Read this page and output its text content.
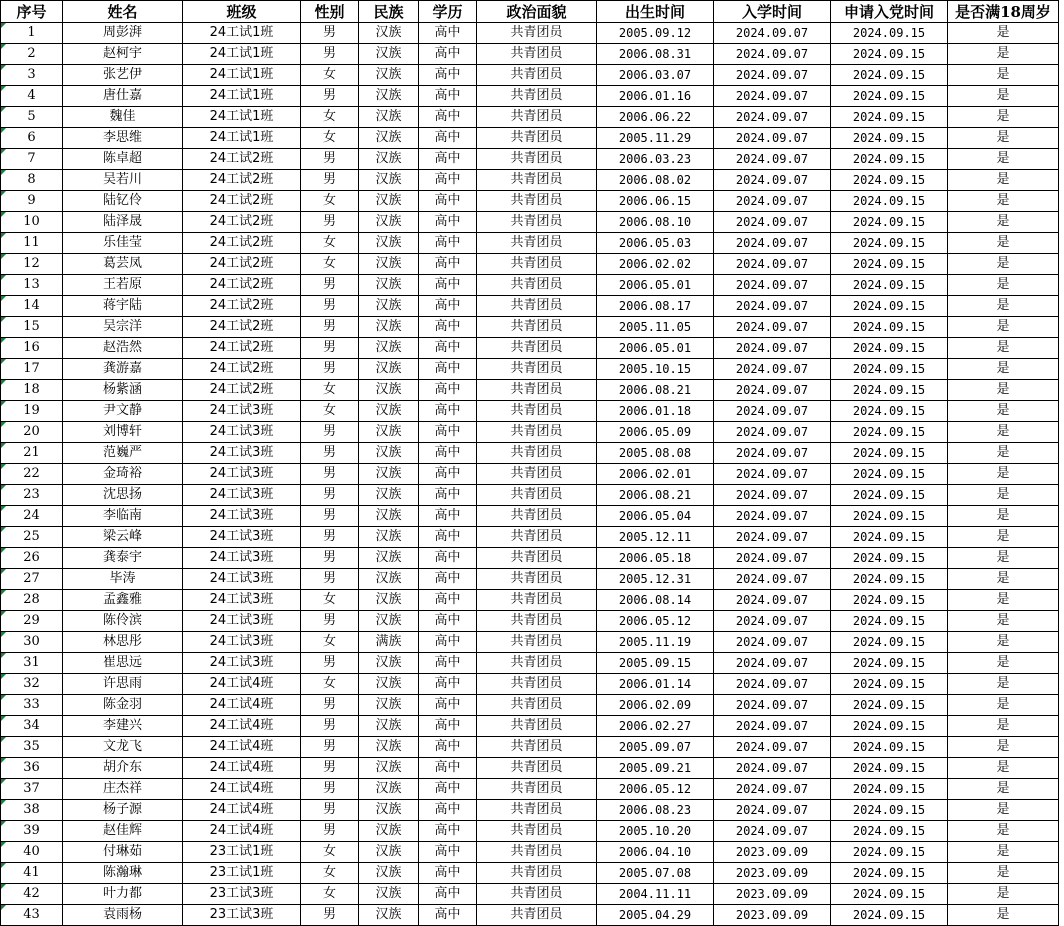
序号	姓名	班级	性别	民族	学历	政治面貌	出生时间	入学时间	申请入党时间	是否满18周岁
1	周彭湃	24工试1班	男	汉族	高中	共青团员	2005.09.12	2024.09.07	2024.09.15	是
2	赵柯宇	24工试1班	男	汉族	高中	共青团员	2006.08.31	2024.09.07	2024.09.15	是
3	张艺伊	24工试1班	女	汉族	高中	共青团员	2006.03.07	2024.09.07	2024.09.15	是
4	唐仕嘉	24工试1班	男	汉族	高中	共青团员	2006.01.16	2024.09.07	2024.09.15	是
5	魏佳	24工试1班	女	汉族	高中	共青团员	2006.06.22	2024.09.07	2024.09.15	是
6	李思维	24工试1班	女	汉族	高中	共青团员	2005.11.29	2024.09.07	2024.09.15	是
7	陈卓超	24工试2班	男	汉族	高中	共青团员	2006.03.23	2024.09.07	2024.09.15	是
8	吴若川	24工试2班	男	汉族	高中	共青团员	2006.08.02	2024.09.07	2024.09.15	是
9	陆钇伶	24工试2班	女	汉族	高中	共青团员	2006.06.15	2024.09.07	2024.09.15	是
10	陆泽晟	24工试2班	男	汉族	高中	共青团员	2006.08.10	2024.09.07	2024.09.15	是
11	乐佳莹	24工试2班	女	汉族	高中	共青团员	2006.05.03	2024.09.07	2024.09.15	是
12	葛芸凤	24工试2班	女	汉族	高中	共青团员	2006.02.02	2024.09.07	2024.09.15	是
13	王若原	24工试2班	男	汉族	高中	共青团员	2006.05.01	2024.09.07	2024.09.15	是
14	蒋宇陆	24工试2班	男	汉族	高中	共青团员	2006.08.17	2024.09.07	2024.09.15	是
15	吴宗洋	24工试2班	男	汉族	高中	共青团员	2005.11.05	2024.09.07	2024.09.15	是
16	赵浩然	24工试2班	男	汉族	高中	共青团员	2006.05.01	2024.09.07	2024.09.15	是
17	龚游嘉	24工试2班	男	汉族	高中	共青团员	2005.10.15	2024.09.07	2024.09.15	是
18	杨紫涵	24工试2班	女	汉族	高中	共青团员	2006.08.21	2024.09.07	2024.09.15	是
19	尹文静	24工试3班	女	汉族	高中	共青团员	2006.01.18	2024.09.07	2024.09.15	是
20	刘博轩	24工试3班	男	汉族	高中	共青团员	2006.05.09	2024.09.07	2024.09.15	是
21	范巍严	24工试3班	男	汉族	高中	共青团员	2005.08.08	2024.09.07	2024.09.15	是
22	金琦裕	24工试3班	男	汉族	高中	共青团员	2006.02.01	2024.09.07	2024.09.15	是
23	沈思扬	24工试3班	男	汉族	高中	共青团员	2006.08.21	2024.09.07	2024.09.15	是
24	李临南	24工试3班	男	汉族	高中	共青团员	2006.05.04	2024.09.07	2024.09.15	是
25	梁云峰	24工试3班	男	汉族	高中	共青团员	2005.12.11	2024.09.07	2024.09.15	是
26	龚泰宇	24工试3班	男	汉族	高中	共青团员	2006.05.18	2024.09.07	2024.09.15	是
27	毕涛	24工试3班	男	汉族	高中	共青团员	2005.12.31	2024.09.07	2024.09.15	是
28	孟鑫雅	24工试3班	女	汉族	高中	共青团员	2006.08.14	2024.09.07	2024.09.15	是
29	陈伶滨	24工试3班	男	汉族	高中	共青团员	2006.05.12	2024.09.07	2024.09.15	是
30	林思彤	24工试3班	女	满族	高中	共青团员	2005.11.19	2024.09.07	2024.09.15	是
31	崔思远	24工试3班	男	汉族	高中	共青团员	2005.09.15	2024.09.07	2024.09.15	是
32	许思雨	24工试4班	女	汉族	高中	共青团员	2006.01.14	2024.09.07	2024.09.15	是
33	陈金羽	24工试4班	男	汉族	高中	共青团员	2006.02.09	2024.09.07	2024.09.15	是
34	李建兴	24工试4班	男	汉族	高中	共青团员	2006.02.27	2024.09.07	2024.09.15	是
35	文龙飞	24工试4班	男	汉族	高中	共青团员	2005.09.07	2024.09.07	2024.09.15	是
36	胡介东	24工试4班	男	汉族	高中	共青团员	2005.09.21	2024.09.07	2024.09.15	是
37	庄杰祥	24工试4班	男	汉族	高中	共青团员	2006.05.12	2024.09.07	2024.09.15	是
38	杨子源	24工试4班	男	汉族	高中	共青团员	2006.08.23	2024.09.07	2024.09.15	是
39	赵佳辉	24工试4班	男	汉族	高中	共青团员	2005.10.20	2024.09.07	2024.09.15	是
40	付琳茹	23工试1班	女	汉族	高中	共青团员	2006.04.10	2023.09.09	2024.09.15	是
41	陈瀚琳	23工试1班	女	汉族	高中	共青团员	2005.07.08	2023.09.09	2024.09.15	是
42	叶力都	23工试3班	女	汉族	高中	共青团员	2004.11.11	2023.09.09	2024.09.15	是
43	袁雨杨	23工试3班	男	汉族	高中	共青团员	2005.04.29	2023.09.09	2024.09.15	是
